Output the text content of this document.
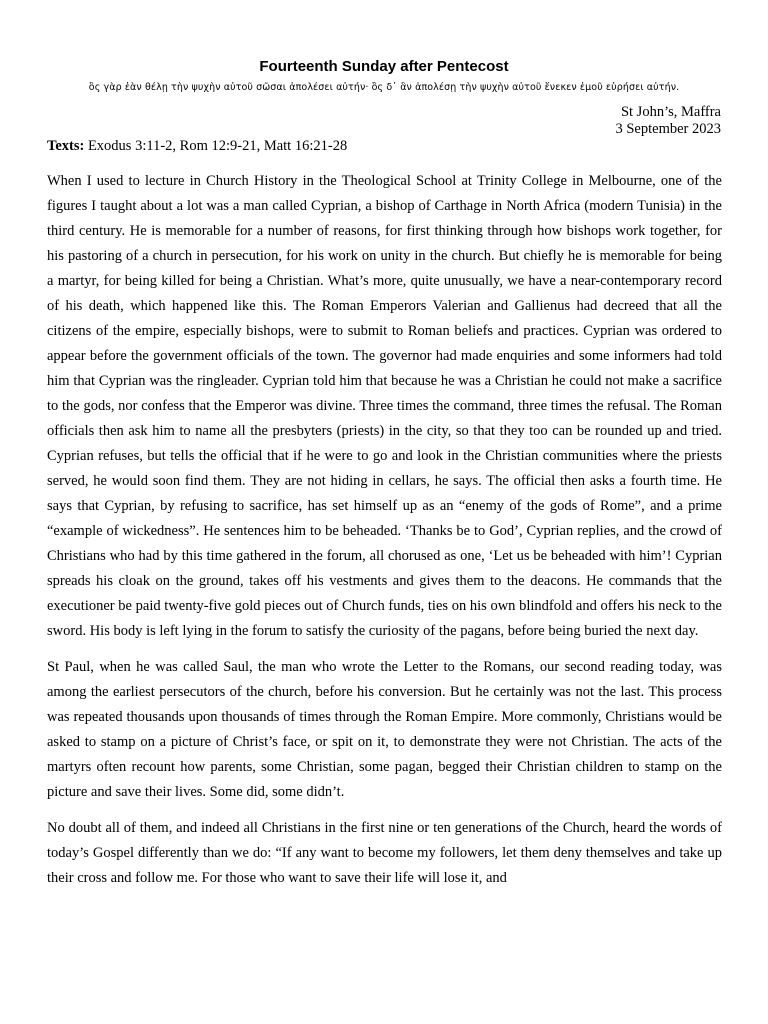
Fourteenth Sunday after Pentecost
ὃς γὰρ ἐὰν θέλῃ τὴν ψυχὴν αὐτοῦ σῶσαι ἀπολέσει αὐτήν· ὃς δ᾽ ἂν ἀπολέσῃ τὴν ψυχὴν αὐτοῦ ἕνεκεν ἐμοῦ εὑρήσει αὐτήν.
St John’s, Maffra
3 September 2023
Texts: Exodus 3:11-2, Rom 12:9-21, Matt 16:21-28

When I used to lecture in Church History in the Theological School at Trinity College in Melbourne, one of the figures I taught about a lot was a man called Cyprian, a bishop of Carthage in North Africa (modern Tunisia) in the third century. He is memorable for a number of reasons, for first thinking through how bishops work together, for his pastoring of a church in persecution, for his work on unity in the church. But chiefly he is memorable for being a martyr, for being killed for being a Christian. What’s more, quite unusually, we have a near-contemporary record of his death, which happened like this. The Roman Emperors Valerian and Gallienus had decreed that all the citizens of the empire, especially bishops, were to submit to Roman beliefs and practices. Cyprian was ordered to appear before the government officials of the town. The governor had made enquiries and some informers had told him that Cyprian was the ringleader. Cyprian told him that because he was a Christian he could not make a sacrifice to the gods, nor confess that the Emperor was divine. Three times the command, three times the refusal. The Roman officials then ask him to name all the presbyters (priests) in the city, so that they too can be rounded up and tried. Cyprian refuses, but tells the official that if he were to go and look in the Christian communities where the priests served, he would soon find them. They are not hiding in cellars, he says. The official then asks a fourth time. He says that Cyprian, by refusing to sacrifice, has set himself up as an “enemy of the gods of Rome”, and a prime “example of wickedness”. He sentences him to be beheaded. ‘Thanks be to God’, Cyprian replies, and the crowd of Christians who had by this time gathered in the forum, all chorused as one, ‘Let us be beheaded with him’! Cyprian spreads his cloak on the ground, takes off his vestments and gives them to the deacons. He commands that the executioner be paid twenty-five gold pieces out of Church funds, ties on his own blindfold and offers his neck to the sword. His body is left lying in the forum to satisfy the curiosity of the pagans, before being buried the next day.

St Paul, when he was called Saul, the man who wrote the Letter to the Romans, our second reading today, was among the earliest persecutors of the church, before his conversion. But he certainly was not the last. This process was repeated thousands upon thousands of times through the Roman Empire. More commonly, Christians would be asked to stamp on a picture of Christ’s face, or spit on it, to demonstrate they were not Christian. The acts of the martyrs often recount how parents, some Christian, some pagan, begged their Christian children to stamp on the picture and save their lives. Some did, some didn’t.

No doubt all of them, and indeed all Christians in the first nine or ten generations of the Church, heard the words of today’s Gospel differently than we do: “If any want to become my followers, let them deny themselves and take up their cross and follow me. For those who want to save their life will lose it, and
